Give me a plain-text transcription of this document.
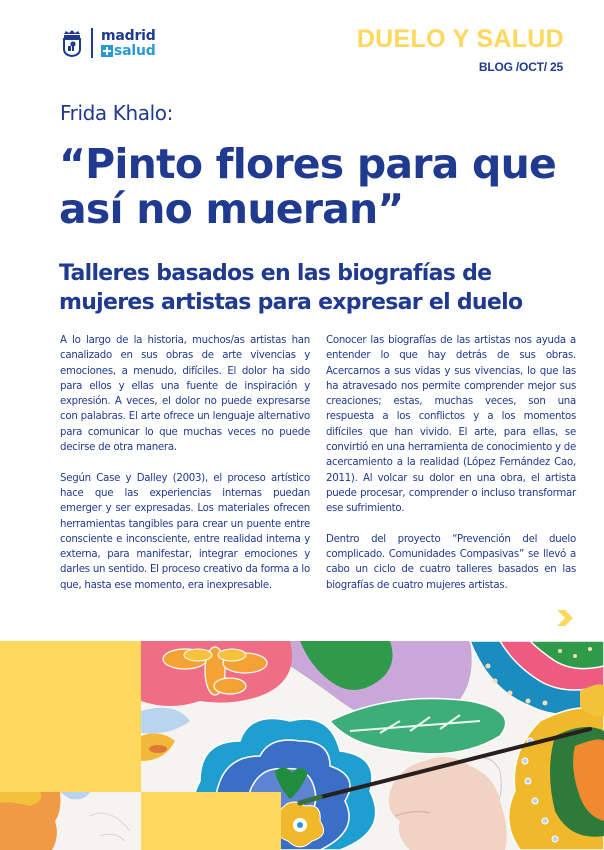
madrid
salud	DUELO Y SALUD
BLOG /OCT/ 25
Frida Khalo:
“Pinto flores para que así no mueran”
Talleres basados en las biografías de mujeres artistas para expresar el duelo

A lo largo de la historia, muchos/as artistas han canalizado en sus obras de arte vivencias y emociones, a menudo, difíciles. El dolor ha sido para ellos y ellas una fuente de inspiración y expresión. A veces, el dolor no puede expresarse con palabras. El arte ofrece un lenguaje alternativo para comunicar lo que muchas veces no puede decirse de otra manera.

Según Case y Dalley (2003), el proceso artístico hace que las experiencias internas puedan emerger y ser expresadas. Los materiales ofrecen herramientas tangibles para crear un puente entre consciente e inconsciente, entre realidad interna y externa, para manifestar, integrar emociones y darles un sentido. El proceso creativo da forma a lo que, hasta ese momento, era inexpresable.

Conocer las biografías de las artistas nos ayuda a entender lo que hay detrás de sus obras. Acercarnos a sus vidas y sus vivencias, lo que las ha atravesado nos permite comprender mejor sus creaciones; estas, muchas veces, son una respuesta a los conflictos y a los momentos difíciles que han vivido. El arte, para ellas, se convirtió en una herramienta de conocimiento y de acercamiento a la realidad (López Fernández Cao, 2011). Al volcar su dolor en una obra, el artista puede procesar, comprender o incluso transformar ese sufrimiento.

Dentro del proyecto “Prevención del duelo complicado. Comunidades Compasivas” se llevó a cabo un ciclo de cuatro talleres basados en las biografías de cuatro mujeres artistas.
